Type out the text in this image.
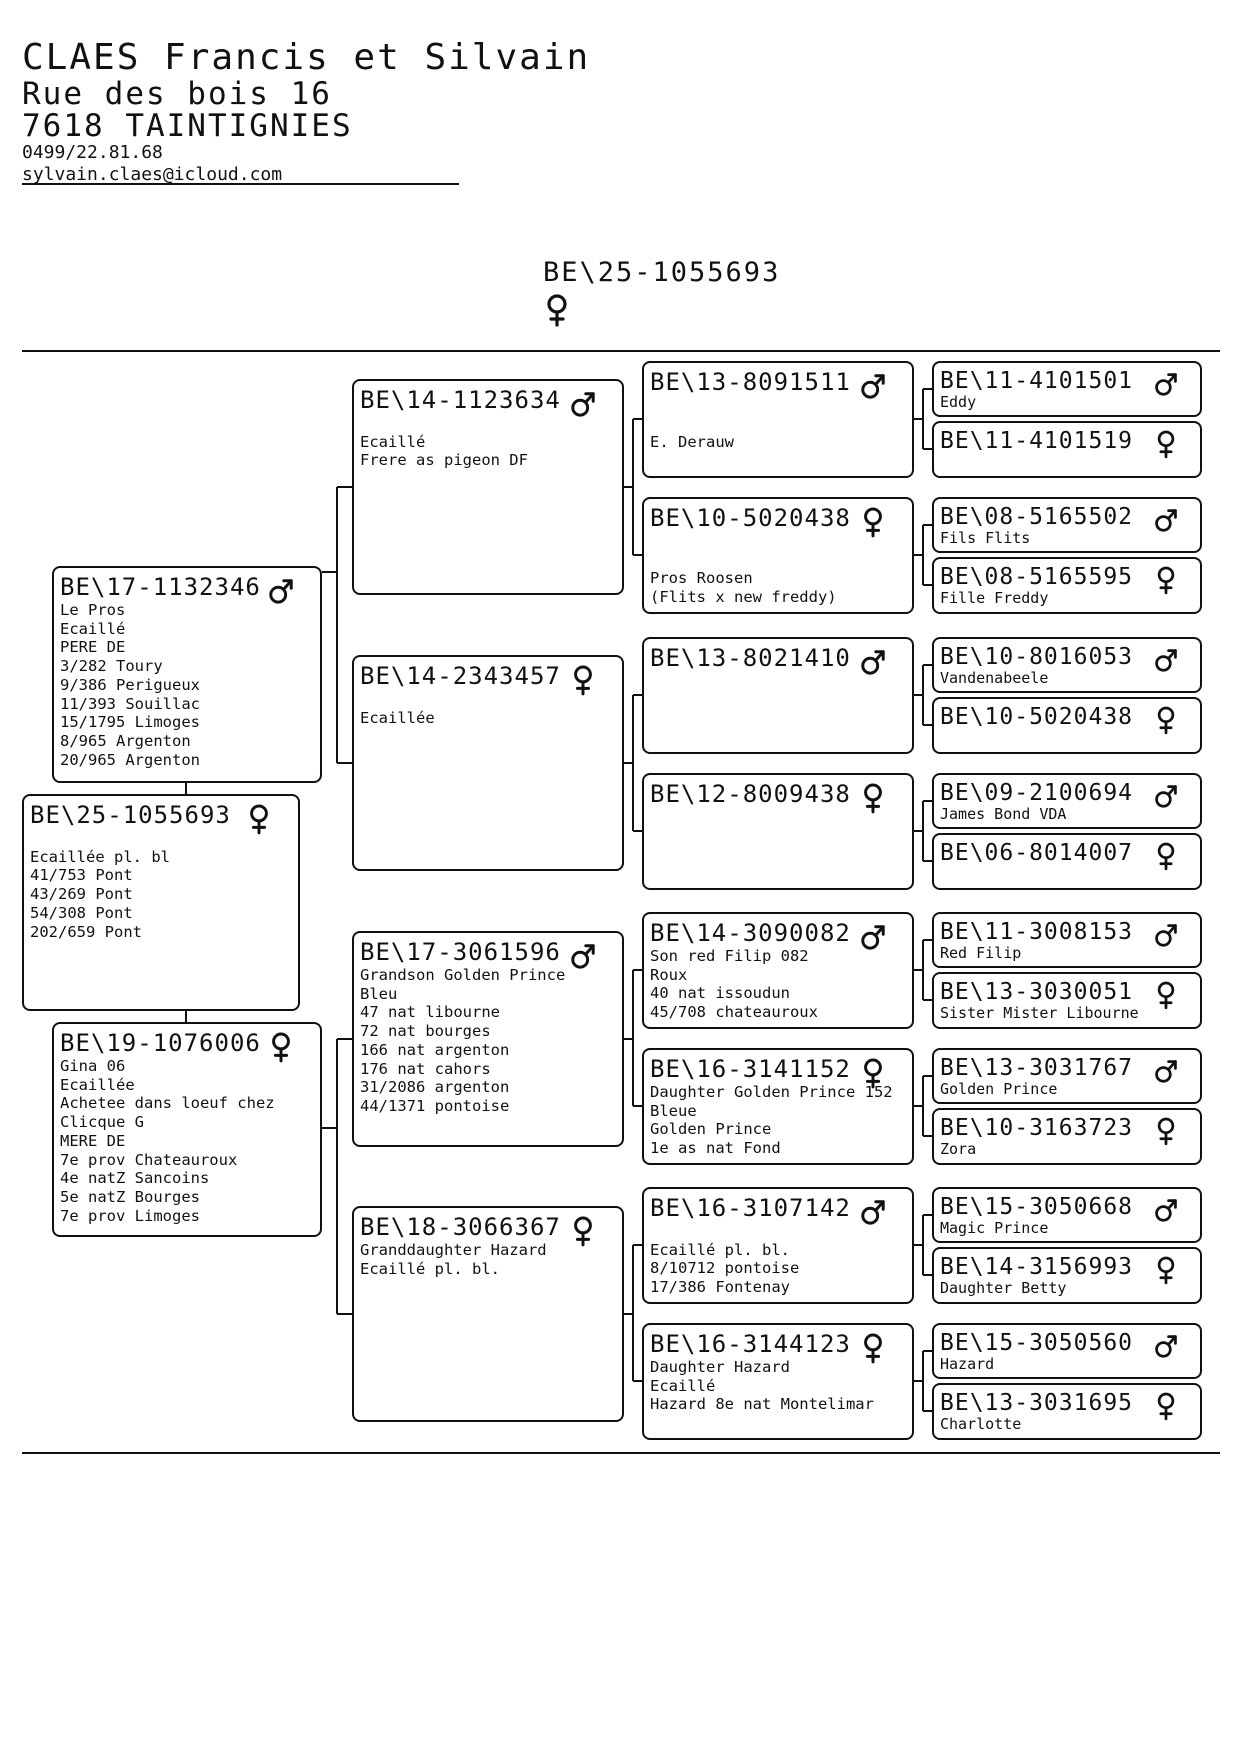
CLAES Francis et Silvain
Rue des bois 16
7618 TAINTIGNIES
0499/22.81.68
sylvain.claes@icloud.com
BE\25-1055693
BE\25-1055693

Ecaillée pl. bl
41/753 Pont
43/269 Pont
54/308 Pont
202/659 Pont
BE\17-1132346
Le Pros
Ecaillé
PERE DE
3/282 Toury
9/386 Perigueux
11/393 Souillac
15/1795 Limoges
8/965 Argenton
20/965 Argenton
BE\19-1076006
Gina 06
Ecaillée
Achetee dans loeuf chez
Clicque G
MERE DE
7e prov Chateauroux
4e natZ Sancoins
5e natZ Bourges
7e prov Limoges
BE\14-1123634

Ecaillé
Frere as pigeon DF
BE\14-2343457

Ecaillée
BE\17-3061596
Grandson Golden Prince
Bleu
47 nat libourne
72 nat bourges
166 nat argenton
176 nat cahors
31/2086 argenton
44/1371 pontoise
BE\18-3066367
Granddaughter Hazard
Ecaillé pl. bl.
BE\13-8091511

E. Derauw
BE\10-5020438

Pros Roosen
(Flits x new freddy)
BE\13-8021410
BE\12-8009438
BE\14-3090082
Son red Filip 082
Roux
40 nat issoudun
45/708 chateauroux
BE\16-3141152
Daughter Golden Prince 152
Bleue
Golden Prince
1e as nat Fond
BE\16-3107142

Ecaillé pl. bl.
8/10712 pontoise
17/386 Fontenay
BE\16-3144123
Daughter Hazard
Ecaillé
Hazard 8e nat Montelimar
BE\11-4101501
Eddy
BE\11-4101519
BE\08-5165502
Fils Flits
BE\08-5165595
Fille Freddy
BE\10-8016053
Vandenabeele
BE\10-5020438
BE\09-2100694
James Bond VDA
BE\06-8014007
BE\11-3008153
Red Filip
BE\13-3030051
Sister Mister Libourne
BE\13-3031767
Golden Prince
BE\10-3163723
Zora
BE\15-3050668
Magic Prince
BE\14-3156993
Daughter Betty
BE\15-3050560
Hazard
BE\13-3031695
Charlotte
